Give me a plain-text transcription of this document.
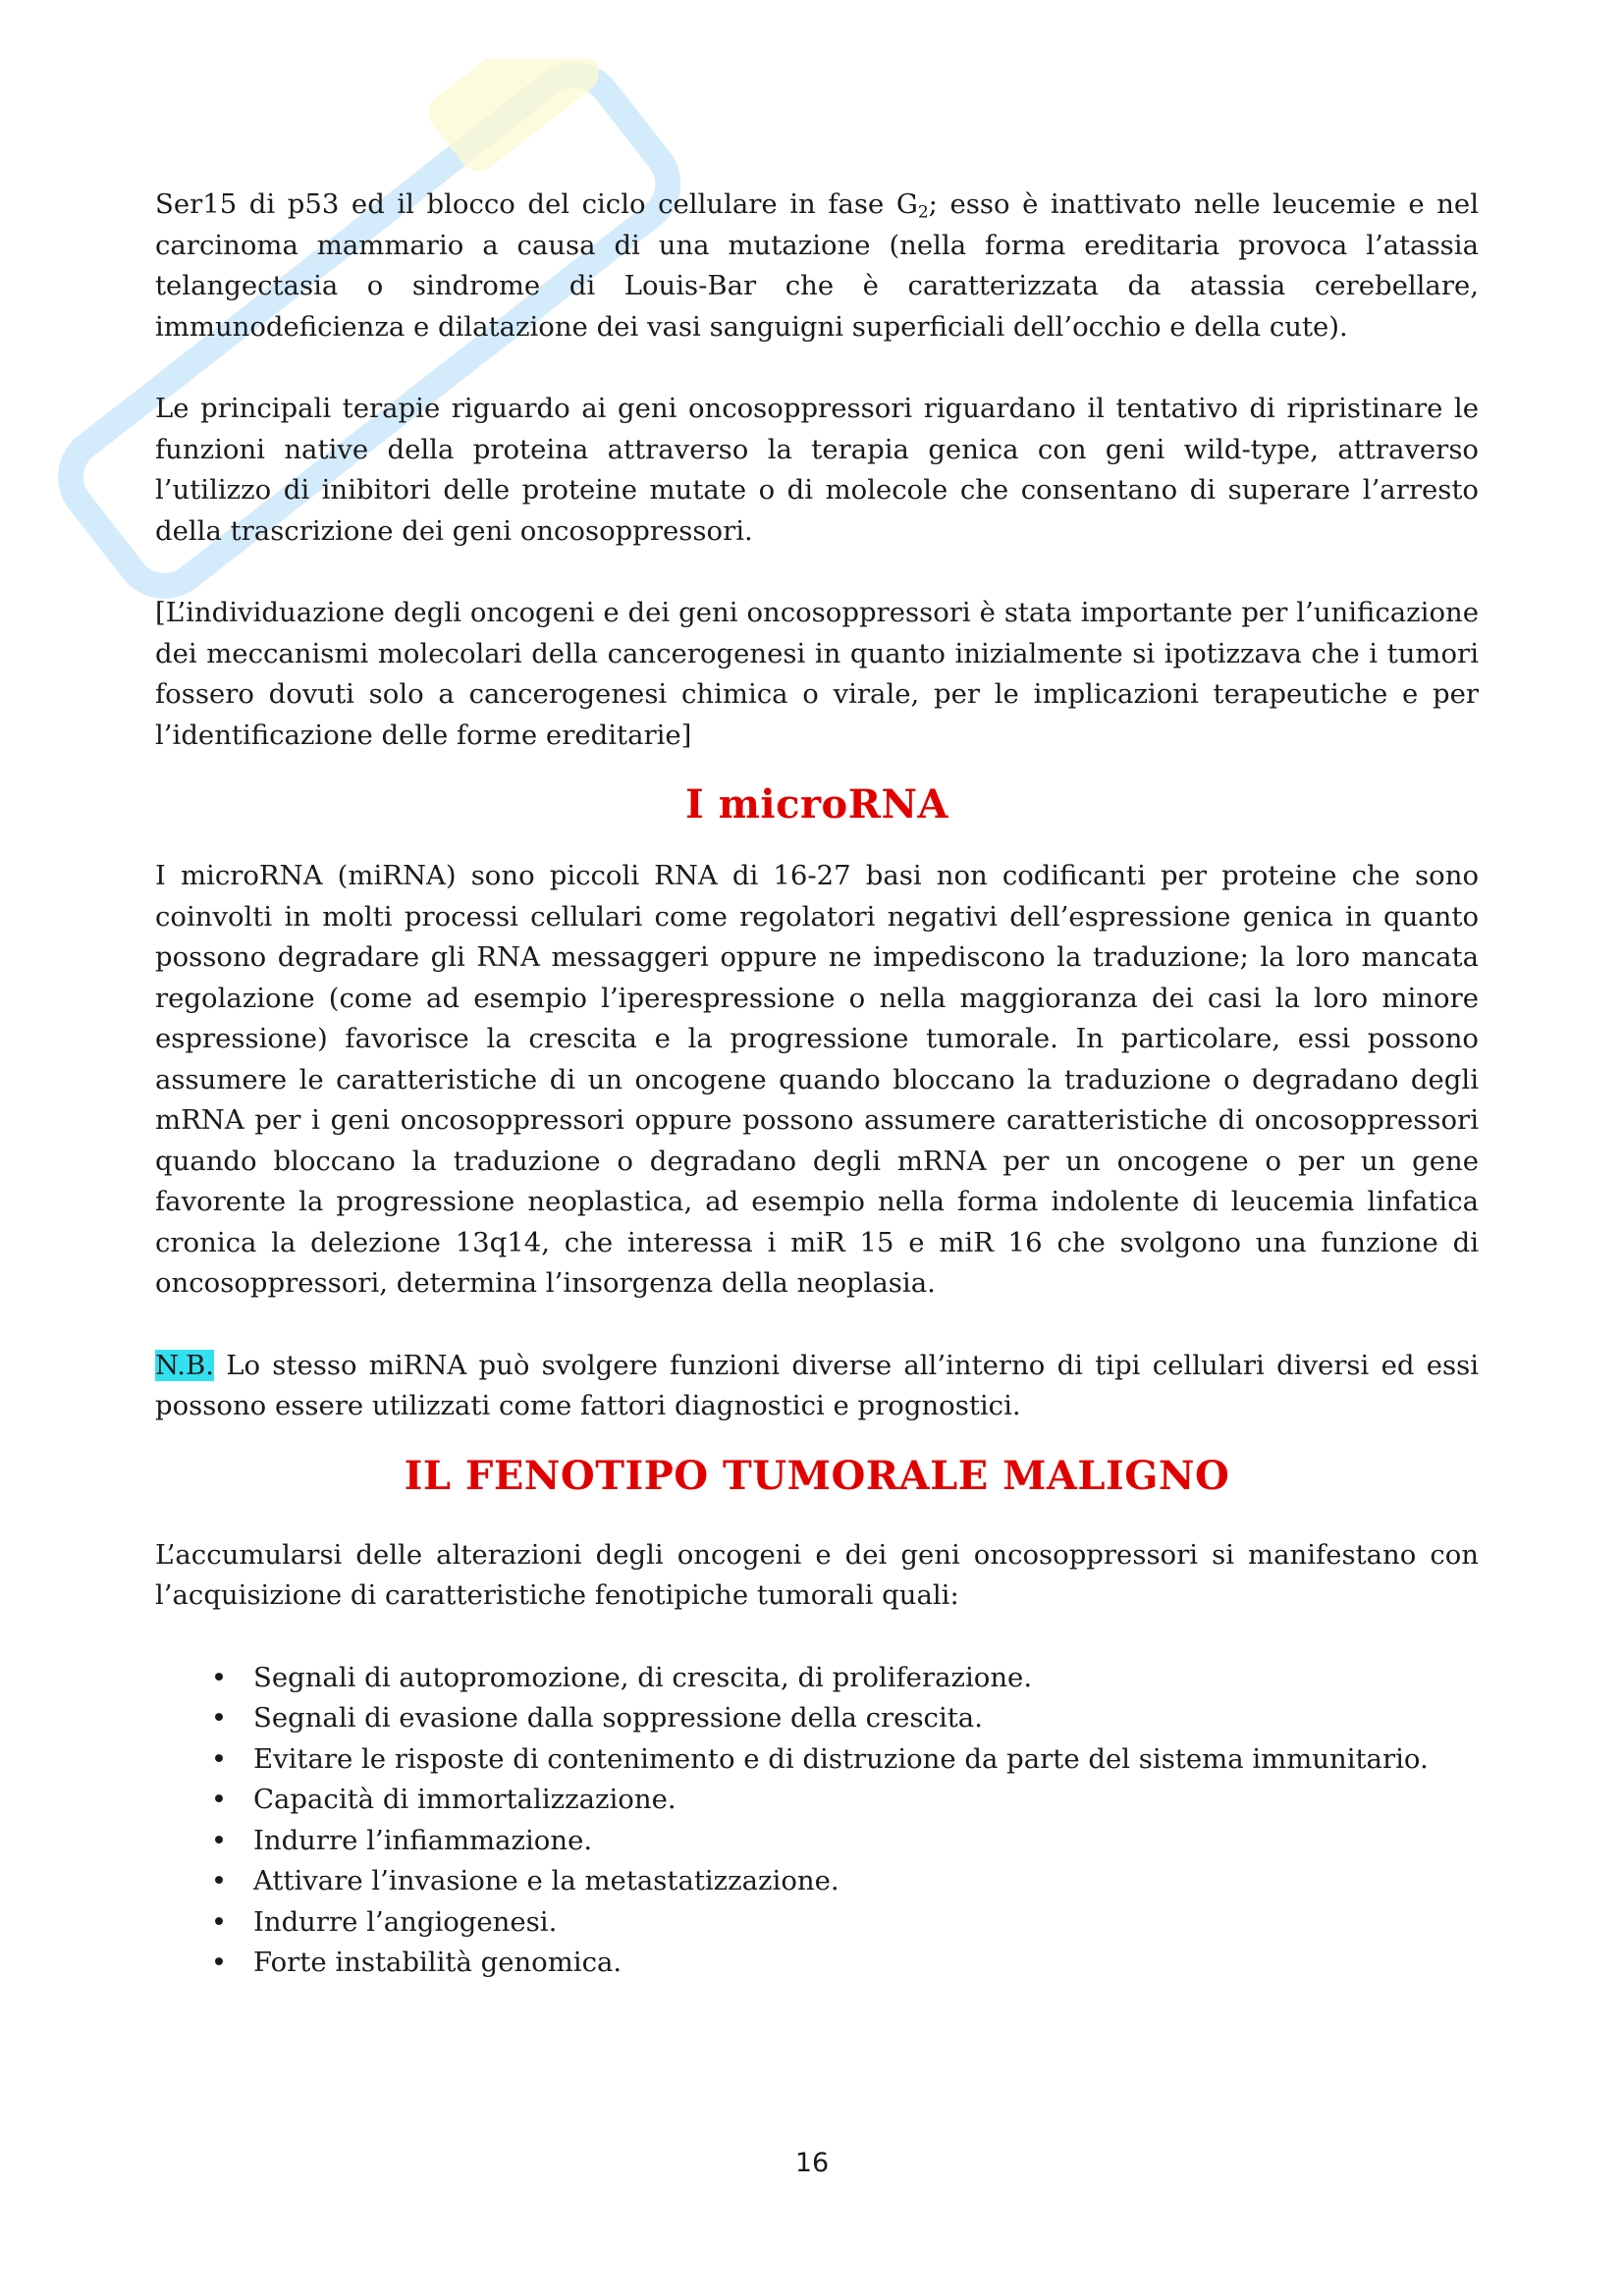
Ser15 di p53 ed il blocco del ciclo cellulare in fase $G_2$; esso è inattivato nelle leucemie e nel carcinoma mammario a causa di una mutazione (nella forma ereditaria provoca l’atassia telangectasia o sindrome di Louis-Bar che è caratterizzata da atassia cerebellare, immunodeficienza e dilatazione dei vasi sanguigni superficiali dell’occhio e della cute).

Le principali terapie riguardo ai geni oncosoppressori riguardano il tentativo di ripristinare le funzioni native della proteina attraverso la terapia genica con geni wild-type, attraverso l’utilizzo di inibitori delle proteine mutate o di molecole che consentano di superare l’arresto della trascrizione dei geni oncosoppressori.

[L’individuazione degli oncogeni e dei geni oncosoppressori è stata importante per l’unificazione dei meccanismi molecolari della cancerogenesi in quanto inizialmente si ipotizzava che i tumori fossero dovuti solo a cancerogenesi chimica o virale, per le implicazioni terapeutiche e per l’identificazione delle forme ereditarie]

I microRNA

I microRNA (miRNA) sono piccoli RNA di 16-27 basi non codificanti per proteine che sono coinvolti in molti processi cellulari come regolatori negativi dell’espressione genica in quanto possono degradare gli RNA messaggeri oppure ne impediscono la traduzione; la loro mancata regolazione (come ad esempio l’iperespressione o nella maggioranza dei casi la loro minore espressione) favorisce la crescita e la progressione tumorale. In particolare, essi possono assumere le caratteristiche di un oncogene quando bloccano la traduzione o degradano degli mRNA per i geni oncosoppressori oppure possono assumere caratteristiche di oncosoppressori quando bloccano la traduzione o degradano degli mRNA per un oncogene o per un gene favorente la progressione neoplastica, ad esempio nella forma indolente di leucemia linfatica cronica la delezione 13q14, che interessa i miR 15 e miR 16 che svolgono una funzione di oncosoppressori, determina l’insorgenza della neoplasia.

N.B. Lo stesso miRNA può svolgere funzioni diverse all’interno di tipi cellulari diversi ed essi possono essere utilizzati come fattori diagnostici e prognostici.

IL FENOTIPO TUMORALE MALIGNO

L’accumularsi delle alterazioni degli oncogeni e dei geni oncosoppressori si manifestano con l’acquisizione di caratteristiche fenotipiche tumorali quali:

• Segnali di autopromozione, di crescita, di proliferazione.
• Segnali di evasione dalla soppressione della crescita.
• Evitare le risposte di contenimento e di distruzione da parte del sistema immunitario.
• Capacità di immortalizzazione.
• Indurre l’infiammazione.
• Attivare l’invasione e la metastatizzazione.
• Indurre l’angiogenesi.
• Forte instabilità genomica.
16
